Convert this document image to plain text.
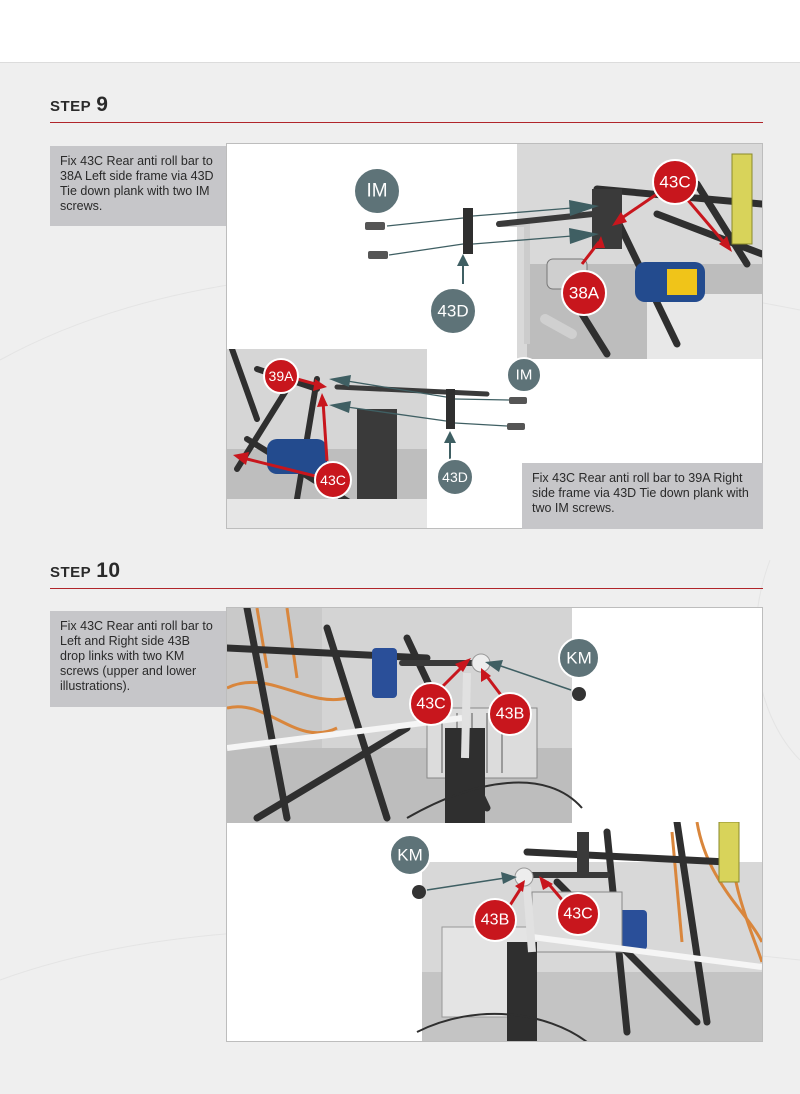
STEP 9
Fix 43C Rear anti roll bar to 38A Left side frame via 43D Tie down plank with two IM screws.
IM
43D
43C
38A
39A	IM
43D
43C	Fix 43C Rear anti roll bar to 39A Right side frame via 43D Tie down plank with two IM screws.
STEP 10
Fix 43C Rear anti roll bar to Left and Right side 43B drop links with two KM screws (upper and lower illustrations).
KM
43C
43B
KM
43B	43C
